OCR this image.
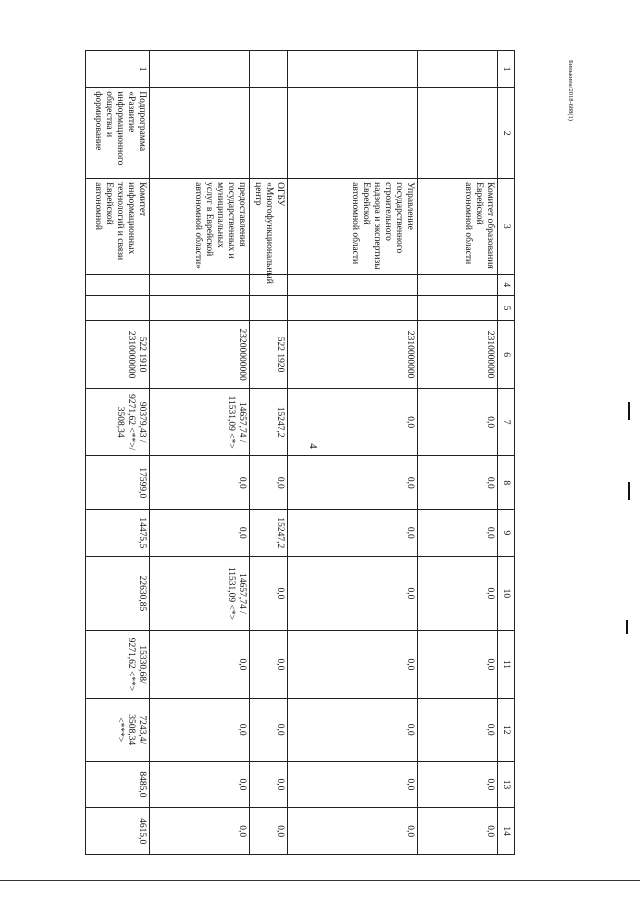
4
1	2	3	4	5	6	7	8	9	10	11	12	13	14
		Комитет образования Еврейской автономной области			2310000000	0,0	0,0	0,0	0,0	0,0	0,0	0,0	0,0
		Управление государственного строительного надзора и экспертизы Еврейской автономной области			2310000000	0,0	0,0	0,0	0,0	0,0	0,0	0,0	0,0
		ОГБУ «Многофункциональный центр			522 1920	15247,2	0,0	15247,2	0,0	0,0	0,0	0,0	0,0
		предоставления государственных и муниципальных услуг в Еврейской автономной области»			23200000000	14657,74 / 11531,09 <*>	0,0	0,0	14657,74 / 11531,09 <*>	0,0	0,0	0,0	0,0
1	Подпрограмма «Развитие информационного общества и формирование	Комитет информационных технологий и связи Еврейской автономной			522 1910 2310000000	90379,43 / 9271,62 <**>/ 3508,34	17599,0	14475,5	22630,85	15330,68/ 9271,62 <**>	7243,4/ 3508,34 <***>	8485,0	4615,0
Бинькина/2018-688(1)
